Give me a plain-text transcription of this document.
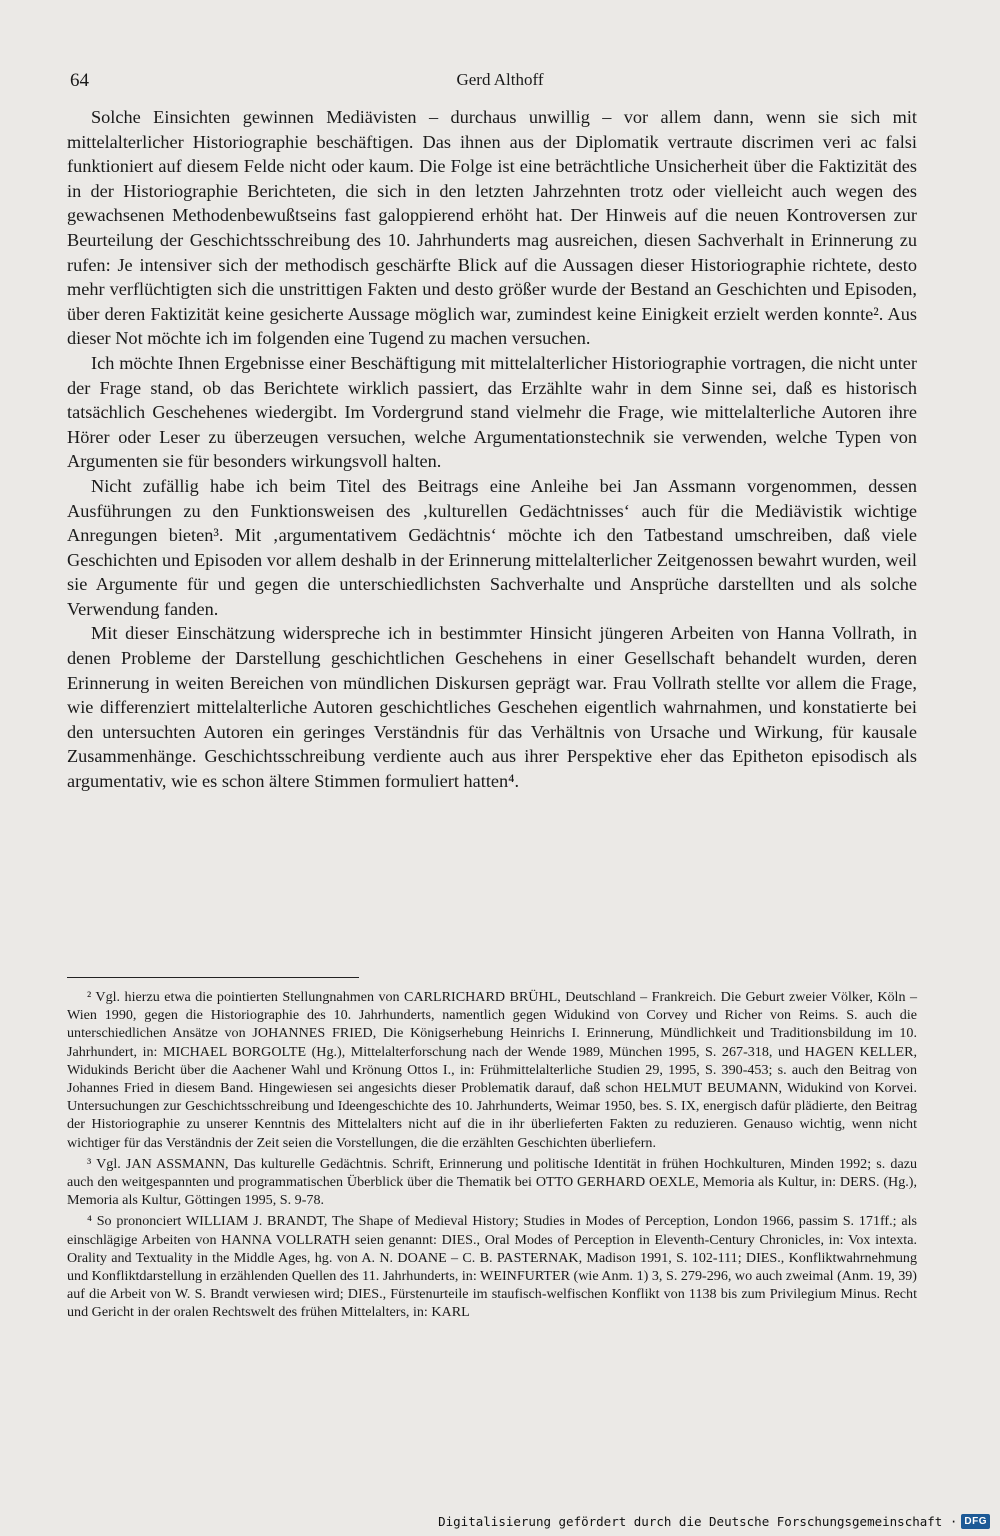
64	Gerd Althoff

Solche Einsichten gewinnen Mediävisten – durchaus unwillig – vor allem dann, wenn sie sich mit mittelalterlicher Historiographie beschäftigen. Das ihnen aus der Diplomatik vertraute discrimen veri ac falsi funktioniert auf diesem Felde nicht oder kaum. Die Folge ist eine beträchtliche Unsicherheit über die Faktizität des in der Historiographie Berichteten, die sich in den letzten Jahrzehnten trotz oder vielleicht auch wegen des gewachsenen Methodenbewußtseins fast galoppierend erhöht hat. Der Hinweis auf die neuen Kontroversen zur Beurteilung der Geschichtsschreibung des 10. Jahrhunderts mag ausreichen, diesen Sachverhalt in Erinnerung zu rufen: Je intensiver sich der methodisch geschärfte Blick auf die Aussagen dieser Historiographie richtete, desto mehr verflüchtigten sich die unstrittigen Fakten und desto größer wurde der Bestand an Geschichten und Episoden, über deren Faktizität keine gesicherte Aussage möglich war, zumindest keine Einigkeit erzielt werden konnte². Aus dieser Not möchte ich im folgenden eine Tugend zu machen versuchen.

Ich möchte Ihnen Ergebnisse einer Beschäftigung mit mittelalterlicher Historiographie vortragen, die nicht unter der Frage stand, ob das Berichtete wirklich passiert, das Erzählte wahr in dem Sinne sei, daß es historisch tatsächlich Geschehenes wiedergibt. Im Vordergrund stand vielmehr die Frage, wie mittelalterliche Autoren ihre Hörer oder Leser zu überzeugen versuchen, welche Argumentationstechnik sie verwenden, welche Typen von Argumenten sie für besonders wirkungsvoll halten.

Nicht zufällig habe ich beim Titel des Beitrags eine Anleihe bei Jan Assmann vorgenommen, dessen Ausführungen zu den Funktionsweisen des ‚kulturellen Gedächtnisses‘ auch für die Mediävistik wichtige Anregungen bieten³. Mit ‚argumentativem Gedächtnis‘ möchte ich den Tatbestand umschreiben, daß viele Geschichten und Episoden vor allem deshalb in der Erinnerung mittelalterlicher Zeitgenossen bewahrt wurden, weil sie Argumente für und gegen die unterschiedlichsten Sachverhalte und Ansprüche darstellten und als solche Verwendung fanden.

Mit dieser Einschätzung widerspreche ich in bestimmter Hinsicht jüngeren Arbeiten von Hanna Vollrath, in denen Probleme der Darstellung geschichtlichen Geschehens in einer Gesellschaft behandelt wurden, deren Erinnerung in weiten Bereichen von mündlichen Diskursen geprägt war. Frau Vollrath stellte vor allem die Frage, wie differenziert mittelalterliche Autoren geschichtliches Geschehen eigentlich wahrnahmen, und konstatierte bei den untersuchten Autoren ein geringes Verständnis für das Verhältnis von Ursache und Wirkung, für kausale Zusammenhänge. Geschichtsschreibung verdiente auch aus ihrer Perspektive eher das Epitheton episodisch als argumentativ, wie es schon ältere Stimmen formuliert hatten⁴.

² Vgl. hierzu etwa die pointierten Stellungnahmen von CARLRICHARD BRÜHL, Deutschland – Frankreich. Die Geburt zweier Völker, Köln – Wien 1990, gegen die Historiographie des 10. Jahrhunderts, namentlich gegen Widukind von Corvey und Richer von Reims. S. auch die unterschiedlichen Ansätze von JOHANNES FRIED, Die Königserhebung Heinrichs I. Erinnerung, Mündlichkeit und Traditionsbildung im 10. Jahrhundert, in: MICHAEL BORGOLTE (Hg.), Mittelalterforschung nach der Wende 1989, München 1995, S. 267-318, und HAGEN KELLER, Widukinds Bericht über die Aachener Wahl und Krönung Ottos I., in: Frühmittelalterliche Studien 29, 1995, S. 390-453; s. auch den Beitrag von Johannes Fried in diesem Band. Hingewiesen sei angesichts dieser Problematik darauf, daß schon HELMUT BEUMANN, Widukind von Korvei. Untersuchungen zur Geschichtsschreibung und Ideengeschichte des 10. Jahrhunderts, Weimar 1950, bes. S. IX, energisch dafür plädierte, den Beitrag der Historiographie zu unserer Kenntnis des Mittelalters nicht auf die in ihr überlieferten Fakten zu reduzieren. Genauso wichtig, wenn nicht wichtiger für das Verständnis der Zeit seien die Vorstellungen, die die erzählten Geschichten überliefern.

³ Vgl. JAN ASSMANN, Das kulturelle Gedächtnis. Schrift, Erinnerung und politische Identität in frühen Hochkulturen, Minden 1992; s. dazu auch den weitgespannten und programmatischen Überblick über die Thematik bei OTTO GERHARD OEXLE, Memoria als Kultur, in: DERS. (Hg.), Memoria als Kultur, Göttingen 1995, S. 9-78.

⁴ So prononciert WILLIAM J. BRANDT, The Shape of Medieval History; Studies in Modes of Perception, London 1966, passim S. 171ff.; als einschlägige Arbeiten von HANNA VOLLRATH seien genannt: DIES., Oral Modes of Perception in Eleventh-Century Chronicles, in: Vox intexta. Orality and Textuality in the Middle Ages, hg. von A. N. DOANE – C. B. PASTERNAK, Madison 1991, S. 102-111; DIES., Konfliktwahrnehmung und Konfliktdarstellung in erzählenden Quellen des 11. Jahrhunderts, in: WEINFURTER (wie Anm. 1) 3, S. 279-296, wo auch zweimal (Anm. 19, 39) auf die Arbeit von W. S. Brandt verwiesen wird; DIES., Fürstenurteile im staufisch-welfischen Konflikt von 1138 bis zum Privilegium Minus. Recht und Gericht in der oralen Rechtswelt des frühen Mittelalters, in: KARL

Digitalisierung gefördert durch die Deutsche Forschungsgemeinschaft · DFG
